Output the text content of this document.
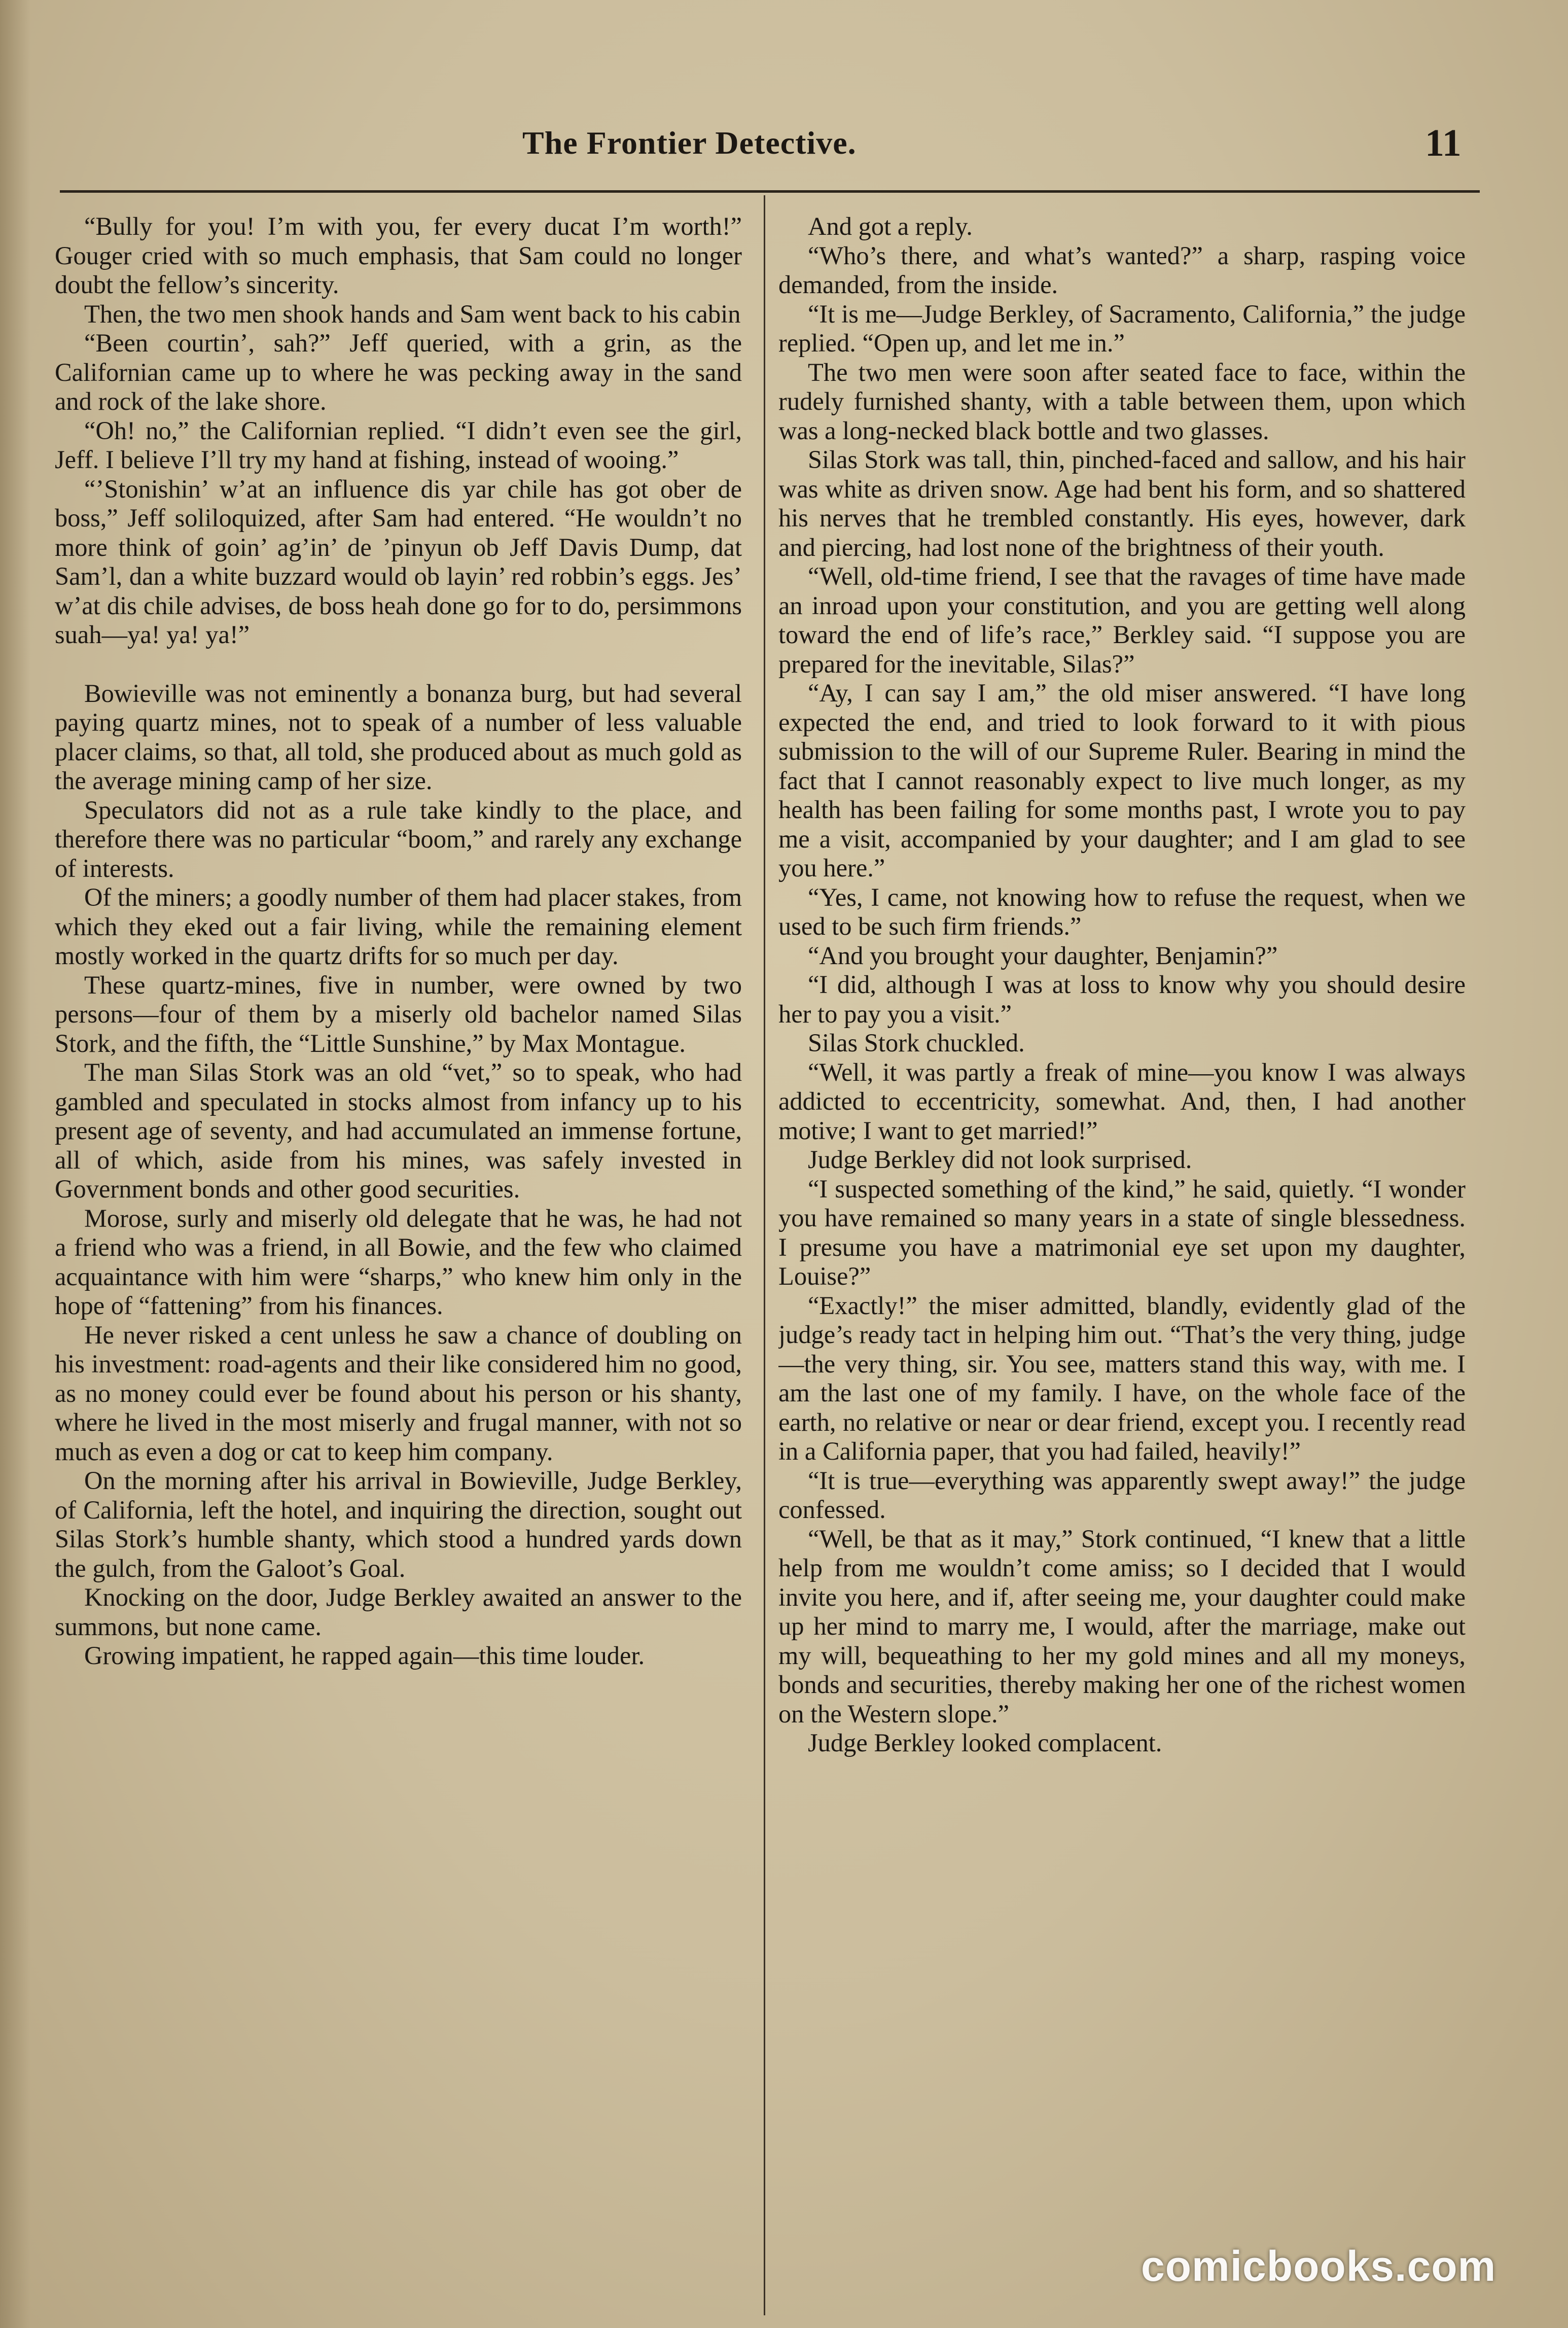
The Frontier Detective.	11

“Bully for you! I’m with you, fer every ducat I’m worth!” Gouger cried with so much emphasis, that Sam could no longer doubt the fellow’s sincerity.

Then, the two men shook hands and Sam went back to his cabin

“Been courtin’, sah?” Jeff queried, with a grin, as the Californian came up to where he was pecking away in the sand and rock of the lake shore.

“Oh! no,” the Californian replied. “I didn’t even see the girl, Jeff. I believe I’ll try my hand at fishing, instead of wooing.”

“’Stonishin’ w’at an influence dis yar chile has got ober de boss,” Jeff soliloquized, after Sam had entered. “He wouldn’t no more think of goin’ ag’in’ de ’pinyun ob Jeff Davis Dump, dat Sam’l, dan a white buzzard would ob layin’ red robbin’s eggs. Jes’ w’at dis chile advises, de boss heah done go for to do, persimmons suah—ya! ya! ya!”

Bowieville was not eminently a bonanza burg, but had several paying quartz mines, not to speak of a number of less valuable placer claims, so that, all told, she produced about as much gold as the average mining camp of her size.

Speculators did not as a rule take kindly to the place, and therefore there was no particular “boom,” and rarely any exchange of interests.

Of the miners; a goodly number of them had placer stakes, from which they eked out a fair living, while the remaining element mostly worked in the quartz drifts for so much per day.

These quartz-mines, five in number, were owned by two persons—four of them by a miserly old bachelor named Silas Stork, and the fifth, the “Little Sunshine,” by Max Montague.

The man Silas Stork was an old “vet,” so to speak, who had gambled and speculated in stocks almost from infancy up to his present age of seventy, and had accumulated an immense fortune, all of which, aside from his mines, was safely invested in Government bonds and other good securities.

Morose, surly and miserly old delegate that he was, he had not a friend who was a friend, in all Bowie, and the few who claimed acquaintance with him were “sharps,” who knew him only in the hope of “fattening” from his finances.

He never risked a cent unless he saw a chance of doubling on his investment: road-agents and their like considered him no good, as no money could ever be found about his person or his shanty, where he lived in the most miserly and frugal manner, with not so much as even a dog or cat to keep him company.

On the morning after his arrival in Bowieville, Judge Berkley, of California, left the hotel, and inquiring the direction, sought out Silas Stork’s humble shanty, which stood a hundred yards down the gulch, from the Galoot’s Goal.

Knocking on the door, Judge Berkley awaited an answer to the summons, but none came.

Growing impatient, he rapped again—this time louder.

And got a reply.

“Who’s there, and what’s wanted?” a sharp, rasping voice demanded, from the inside.

“It is me—Judge Berkley, of Sacramento, California,” the judge replied. “Open up, and let me in.”

The two men were soon after seated face to face, within the rudely furnished shanty, with a table between them, upon which was a long-necked black bottle and two glasses.

Silas Stork was tall, thin, pinched-faced and sallow, and his hair was white as driven snow. Age had bent his form, and so shattered his nerves that he trembled constantly. His eyes, however, dark and piercing, had lost none of the brightness of their youth.

“Well, old-time friend, I see that the ravages of time have made an inroad upon your constitution, and you are getting well along toward the end of life’s race,” Berkley said. “I suppose you are prepared for the inevitable, Silas?”

“Ay, I can say I am,” the old miser answered. “I have long expected the end, and tried to look forward to it with pious submission to the will of our Supreme Ruler. Bearing in mind the fact that I cannot reasonably expect to live much longer, as my health has been failing for some months past, I wrote you to pay me a visit, accompanied by your daughter; and I am glad to see you here.”

“Yes, I came, not knowing how to refuse the request, when we used to be such firm friends.”

“And you brought your daughter, Benjamin?”

“I did, although I was at loss to know why you should desire her to pay you a visit.”

Silas Stork chuckled.

“Well, it was partly a freak of mine—you know I was always addicted to eccentricity, somewhat. And, then, I had another motive; I want to get married!”

Judge Berkley did not look surprised.

“I suspected something of the kind,” he said, quietly. “I wonder you have remained so many years in a state of single blessedness. I presume you have a matrimonial eye set upon my daughter, Louise?”

“Exactly!” the miser admitted, blandly, evidently glad of the judge’s ready tact in helping him out. “That’s the very thing, judge—the very thing, sir. You see, matters stand this way, with me. I am the last one of my family. I have, on the whole face of the earth, no relative or near or dear friend, except you. I recently read in a California paper, that you had failed, heavily!”

“It is true—everything was apparently swept away!” the judge confessed.

“Well, be that as it may,” Stork continued, “I knew that a little help from me wouldn’t come amiss; so I decided that I would invite you here, and if, after seeing me, your daughter could make up her mind to marry me, I would, after the marriage, make out my will, bequeathing to her my gold mines and all my moneys, bonds and securities, thereby making her one of the richest women on the Western slope.”

Judge Berkley looked complacent.

comicbooks.com
